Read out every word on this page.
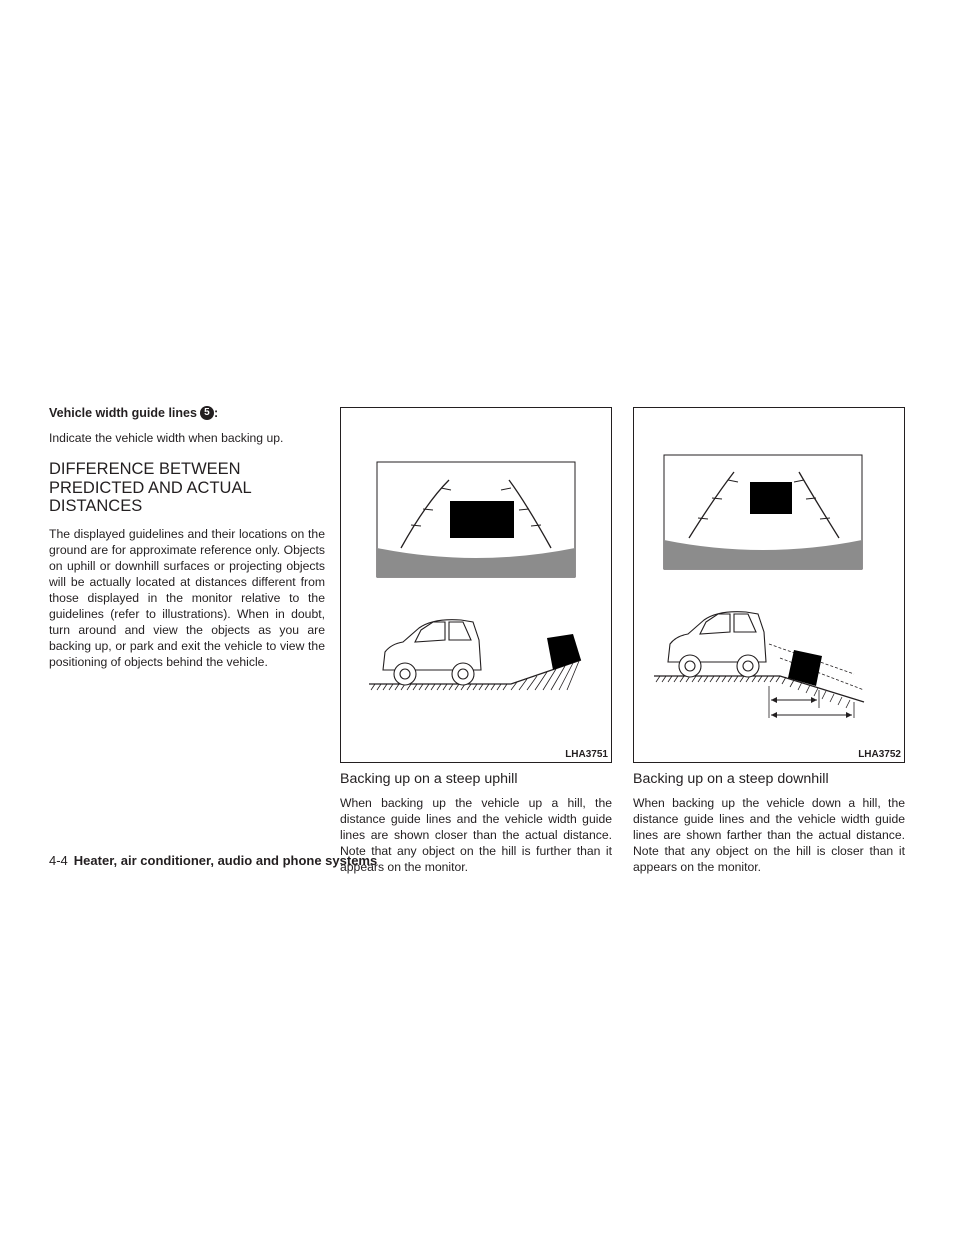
Vehicle width guide lines 5 :

Indicate the vehicle width when backing up.

DIFFERENCE BETWEEN PREDICTED AND ACTUAL DISTANCES

The displayed guidelines and their locations on the ground are for approximate reference only. Objects on uphill or downhill surfaces or projecting objects will be actually located at distances different from those displayed in the monitor relative to the guidelines (refer to illustrations). When in doubt, turn around and view the objects as you are backing up, or park and exit the vehicle to view the positioning of objects behind the vehicle.

LHA3751	LHA3752
Backing up on a steep uphill

When backing up the vehicle up a hill, the distance guide lines and the vehicle width guide lines are shown closer than the actual distance. Note that any object on the hill is further than it appears on the monitor.

Backing up on a steep downhill

When backing up the vehicle down a hill, the distance guide lines and the vehicle width guide lines are shown farther than the actual distance. Note that any object on the hill is closer than it appears on the monitor.

4-4 Heater, air conditioner, audio and phone systems
